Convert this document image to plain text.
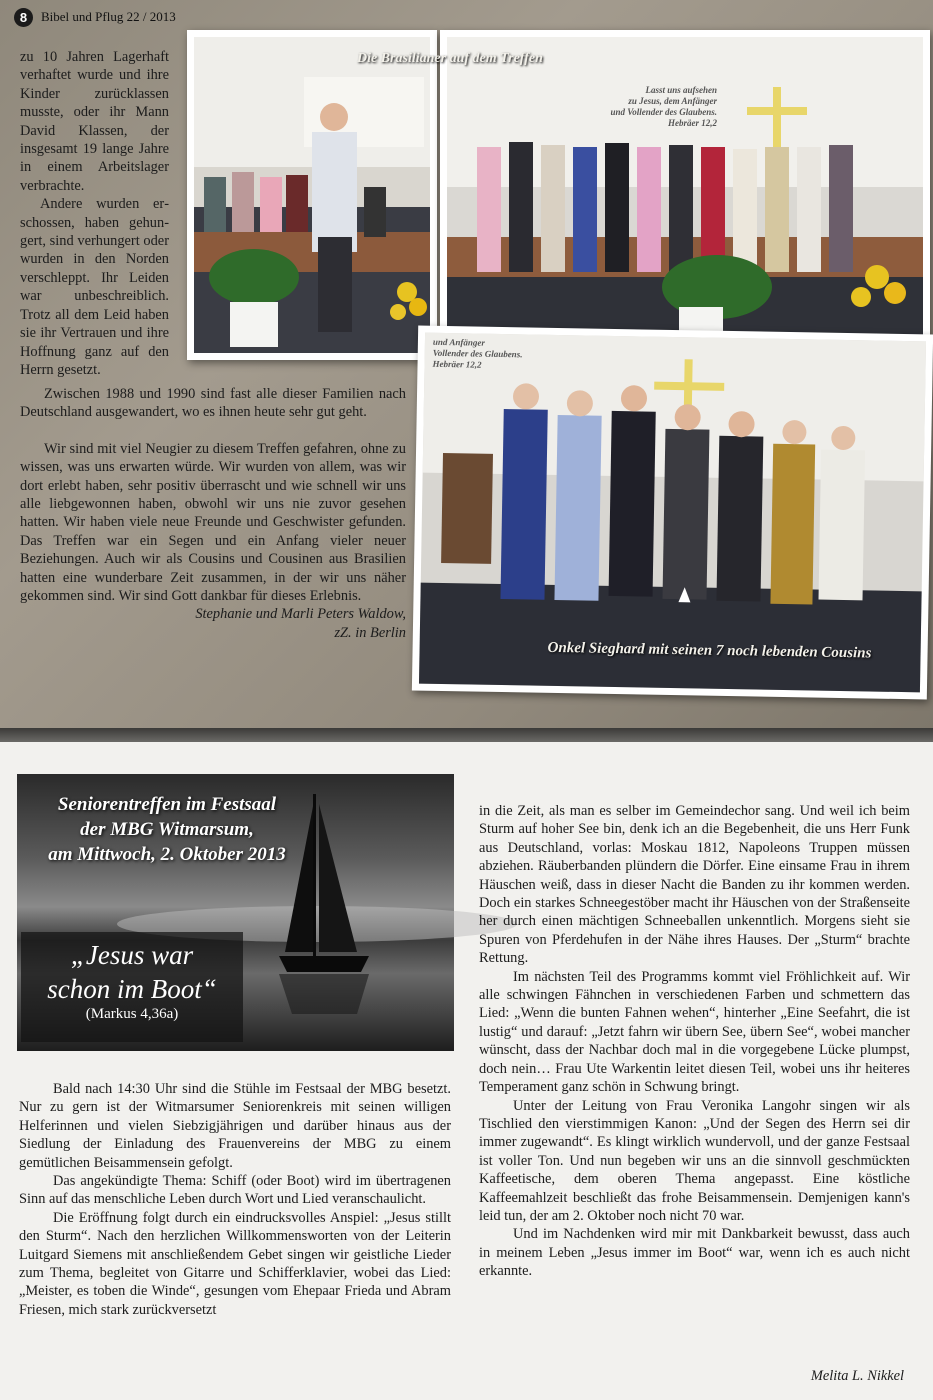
8	Bibel und Pflug 22 / 2013

zu 10 Jahren Lagerhaft verhaftet wurde und ihre Kinder zurücklassen musste, oder ihr Mann David Klassen, der insgesamt 19 lange Jahre in einem Arbeitslager verbrachte.

Andere wurden erschossen, haben gehungert, sind verhungert oder wurden in den Norden verschleppt. Ihr Leiden war unbeschreiblich. Trotz all dem Leid haben sie ihr Vertrauen und ihre Hoffnung ganz auf den Herrn gesetzt.

Zwischen 1988 und 1990 sind fast alle dieser Familien nach Deutschland ausgewandert, wo es ihnen heute sehr gut geht.

Wir sind mit viel Neugier zu diesem Treffen gefahren, ohne zu wissen, was uns erwarten würde. Wir wurden von allem, was wir dort erlebt haben, sehr positiv überrascht und wie schnell wir uns alle liebgewonnen haben, obwohl wir uns nie zuvor gesehen hatten. Wir haben viele neue Freunde und Geschwister gefunden. Das Treffen war ein Segen und ein Anfang vieler neuer Beziehungen. Auch wir als Cousins und Cousinen aus Brasilien hatten eine wunderbare Zeit zusammen, in der wir uns näher gekommen sind. Wir sind Gott dankbar für dieses Erlebnis.

Stephanie und Marli Peters Waldow,

zZ. in Berlin

Die Brasilianer auf dem Treffen
Lasst uns aufsehen
zu Jesus, dem Anfänger
und Vollender des Glaubens.
Hebräer 12,2
Onkel Sieghard mit seinen 7 noch lebenden Cousins
und Anfänger
Vollender des Glaubens.
Hebräer 12,2
Seniorentreffen im Festsaal
der MBG Witmarsum,
am Mittwoch, 2. Oktober 2013
„Jesus war
schon im Boot“
(Markus 4,36a)

Bald nach 14:30 Uhr sind die Stühle im Festsaal der MBG besetzt. Nur zu gern ist der Witmarsumer Seniorenkreis mit seinen willigen Helferinnen und vielen Siebzigjährigen und darüber hinaus aus der Siedlung der Einladung des Frauenvereins der MBG zu einem gemütlichen Beisammensein gefolgt.

Das angekündigte Thema: Schiff (oder Boot) wird im übertragenen Sinn auf das menschliche Leben durch Wort und Lied veranschaulicht.

Die Eröffnung folgt durch ein eindrucksvolles Anspiel: „Jesus stillt den Sturm“. Nach den herzlichen Willkommensworten von der Leiterin Luitgard Siemens mit anschließendem Gebet singen wir geistliche Lieder zum Thema, begleitet von Gitarre und Schifferklavier, wobei das Lied: „Meister, es toben die Winde“, gesungen vom Ehepaar Frieda und Abram Friesen, mich stark zurückversetzt

in die Zeit, als man es selber im Gemeindechor sang. Und weil ich beim Sturm auf hoher See bin, denk ich an die Begebenheit, die uns Herr Funk aus Deutschland, vorlas: Moskau 1812, Napoleons Truppen müssen abziehen. Räuberbanden plündern die Dörfer. Eine einsame Frau in ihrem Häuschen weiß, dass in dieser Nacht die Banden zu ihr kommen werden. Doch ein starkes Schneegestöber macht ihr Häuschen von der Straßenseite her durch einen mächtigen Schneeballen unkenntlich. Morgens sieht sie Spuren von Pferdehufen in der Nähe ihres Hauses. Der „Sturm“ brachte Rettung.

Im nächsten Teil des Programms kommt viel Fröhlichkeit auf. Wir alle schwingen Fähnchen in verschiedenen Farben und schmettern das Lied: „Wenn die bunten Fahnen wehen“, hinterher „Eine Seefahrt, die ist lustig“ und darauf: „Jetzt fahrn wir übern See, übern See“, wobei mancher wünscht, dass der Nachbar doch mal in die vorgegebene Lücke plumpst, doch nein… Frau Ute Warkentin leitet diesen Teil, wobei uns ihr heiteres Temperament ganz schön in Schwung bringt.

Unter der Leitung von Frau Veronika Langohr singen wir als Tischlied den vierstimmigen Kanon: „Und der Segen des Herrn sei dir immer zugewandt“. Es klingt wirklich wundervoll, und der ganze Festsaal ist voller Ton. Und nun begeben wir uns an die sinnvoll geschmückten Kaffeetische, dem oberen Thema angepasst. Eine köstliche Kaffeemahlzeit beschließt das frohe Beisammensein. Demjenigen kann's leid tun, der am 2. Oktober noch nicht 70 war.

Und im Nachdenken wird mir mit Dankbarkeit bewusst, dass auch in meinem Leben „Jesus immer im Boot“ war, wenn ich es auch nicht erkannte.

Melita L. Nikkel
